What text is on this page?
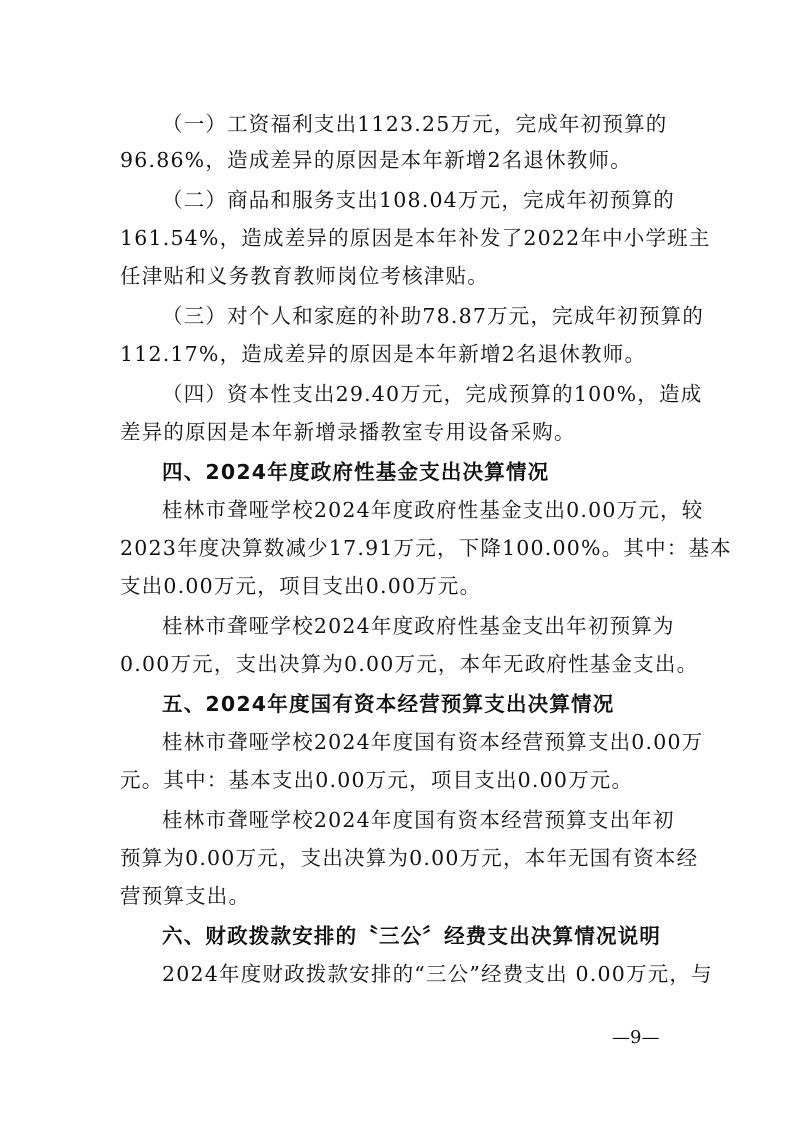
（一）工资福利支出1123.25万元，完成年初预算的
96.86%，造成差异的原因是本年新增2名退休教师。
（二）商品和服务支出108.04万元，完成年初预算的
161.54%，造成差异的原因是本年补发了2022年中小学班主
任津贴和义务教育教师岗位考核津贴。
（三）对个人和家庭的补助78.87万元，完成年初预算的
112.17%，造成差异的原因是本年新增2名退休教师。
（四）资本性支出29.40万元，完成预算的100%，造成
差异的原因是本年新增录播教室专用设备采购。
四、2024年度政府性基金支出决算情况
桂林市聋哑学校2024年度政府性基金支出0.00万元，较
2023年度决算数减少17.91万元，下降100.00%。其中：基本
支出0.00万元，项目支出0.00万元。
桂林市聋哑学校2024年度政府性基金支出年初预算为
0.00万元，支出决算为0.00万元，本年无政府性基金支出。
五、2024年度国有资本经营预算支出决算情况
桂林市聋哑学校2024年度国有资本经营预算支出0.00万
元。其中：基本支出0.00万元，项目支出0.00万元。
桂林市聋哑学校2024年度国有资本经营预算支出年初
预算为0.00万元，支出决算为0.00万元，本年无国有资本经
营预算支出。
六、财政拨款安排的〝三公〞经费支出决算情况说明
2024年度财政拨款安排的“三公”经费支出 0.00万元，与
—9—
